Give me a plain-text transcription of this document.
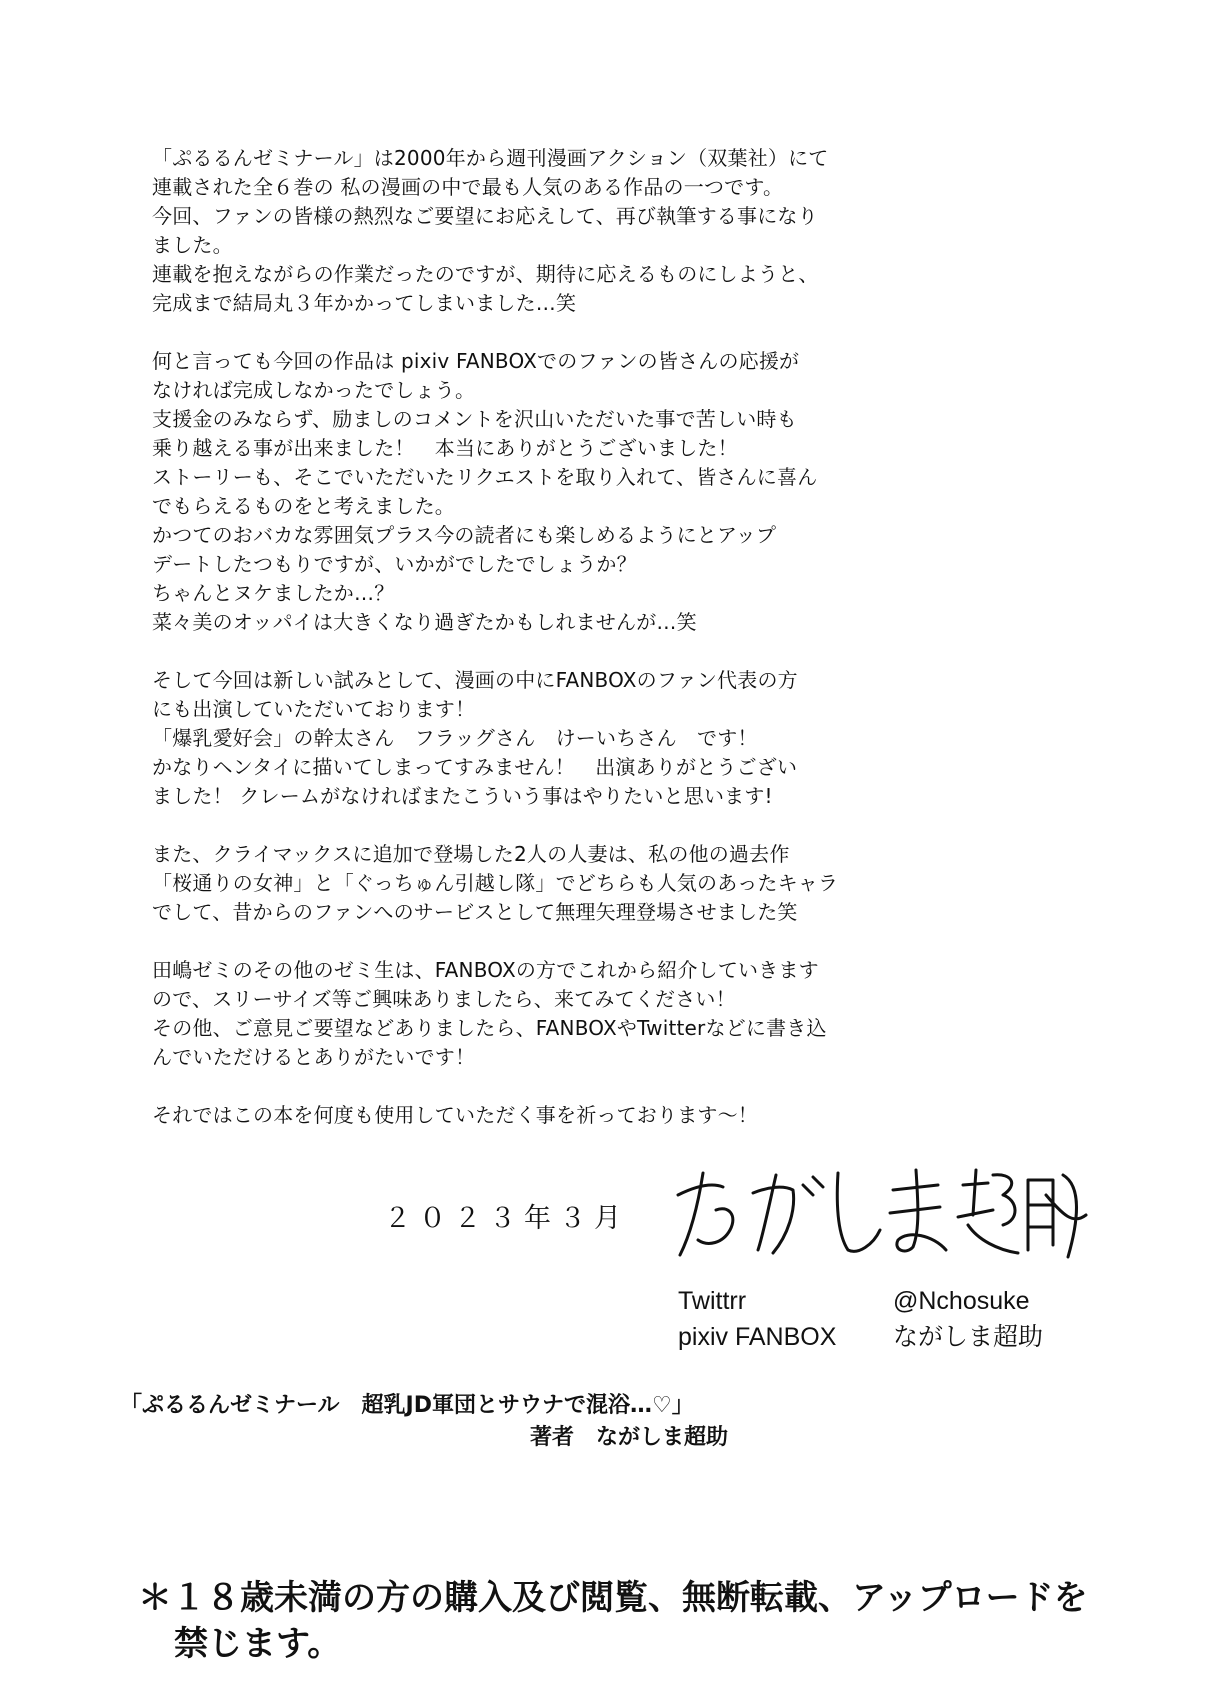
「ぷるるんゼミナール」は2000年から週刊漫画アクション（双葉社）にて
連載された全６巻の 私の漫画の中で最も人気のある作品の一つです。
今回、ファンの皆様の熱烈なご要望にお応えして、再び執筆する事になり
ました。
連載を抱えながらの作業だったのですが、期待に応えるものにしようと、
完成まで結局丸３年かかってしまいました…笑
何と言っても今回の作品は pixiv FANBOXでのファンの皆さんの応援が
なければ完成しなかったでしょう。
支援金のみならず、励ましのコメントを沢山いただいた事で苦しい時も
乗り越える事が出来ました！　本当にありがとうございました！
ストーリーも、そこでいただいたリクエストを取り入れて、皆さんに喜ん
でもらえるものをと考えました。
かつてのおバカな雰囲気プラス今の読者にも楽しめるようにとアップ
デートしたつもりですが、いかがでしたでしょうか？
ちゃんとヌケましたか…？
菜々美のオッパイは大きくなり過ぎたかもしれませんが…笑
そして今回は新しい試みとして、漫画の中にFANBOXのファン代表の方
にも出演していただいております！
「爆乳愛好会」の幹太さん　フラッグさん　けーいちさん　です！
かなりヘンタイに描いてしまってすみません！　出演ありがとうござい
ました！ クレームがなければまたこういう事はやりたいと思います!
また、クライマックスに追加で登場した2人の人妻は、私の他の過去作
「桜通りの女神」と「ぐっちゅん引越し隊」でどちらも人気のあったキャラ
でして、昔からのファンへのサービスとして無理矢理登場させました笑
田嶋ゼミのその他のゼミ生は、FANBOXの方でこれから紹介していきます
ので、スリーサイズ等ご興味ありましたら、来てみてください！
その他、ご意見ご要望などありましたら、FANBOXやTwitterなどに書き込
んでいただけるとありがたいです！
それではこの本を何度も使用していただく事を祈っております～！
２０２３年３月
Twittrr	@Nchosuke
pixiv FANBOX	ながしま超助
「ぷるるんゼミナール　超乳JD軍団とサウナで混浴…♡」
著者　ながしま超助
＊１８歳未満の方の購入及び閲覧、無断転載、アップロードを
禁じます。
